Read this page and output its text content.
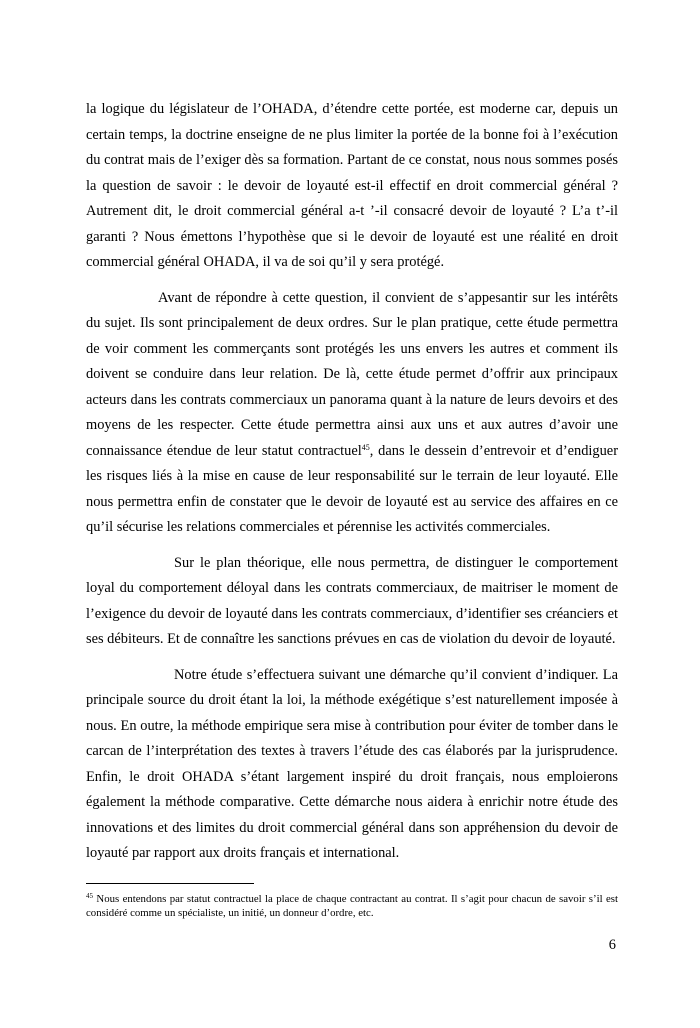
la logique du législateur de l’OHADA, d’étendre cette portée, est moderne car, depuis un certain temps, la doctrine enseigne de ne plus limiter la portée de la bonne foi à l’exécution du contrat mais de l’exiger dès sa formation. Partant de ce constat, nous nous sommes posés la question de savoir : le devoir de loyauté est-il effectif en droit commercial général ? Autrement dit, le droit commercial général a-t ’-il consacré devoir de loyauté ? L’a t’-il garanti ? Nous émettons l’hypothèse que si le devoir de loyauté est une réalité en droit commercial général OHADA, il va de soi qu’il y sera protégé.

Avant de répondre à cette question, il convient de s’appesantir sur les intérêts du sujet. Ils sont principalement de deux ordres. Sur le plan pratique, cette étude permettra de voir comment les commerçants sont protégés les uns envers les autres et comment ils doivent se conduire dans leur relation. De là, cette étude permet d’offrir aux principaux acteurs dans les contrats commerciaux un panorama quant à la nature de leurs devoirs et des moyens de les respecter. Cette étude permettra ainsi aux uns et aux autres d’avoir une connaissance étendue de leur statut contractuel$^{45}$, dans le dessein d’entrevoir et d’endiguer les risques liés à la mise en cause de leur responsabilité sur le terrain de leur loyauté. Elle nous permettra enfin de constater que le devoir de loyauté est au service des affaires en ce qu’il sécurise les relations commerciales et pérennise les activités commerciales.

Sur le plan théorique, elle nous permettra, de distinguer le comportement loyal du comportement déloyal dans les contrats commerciaux, de maitriser le moment de l’exigence du devoir de loyauté dans les contrats commerciaux, d’identifier ses créanciers et ses débiteurs. Et de connaître les sanctions prévues en cas de violation du devoir de loyauté.

Notre étude s’effectuera suivant une démarche qu’il convient d’indiquer. La principale source du droit étant la loi, la méthode exégétique s’est naturellement imposée à nous. En outre, la méthode empirique sera mise à contribution pour éviter de tomber dans le carcan de l’interprétation des textes à travers l’étude des cas élaborés par la jurisprudence. Enfin, le droit OHADA s’étant largement inspiré du droit français, nous emploierons également la méthode comparative. Cette démarche nous aidera à enrichir notre étude des innovations et des limites du droit commercial général dans son appréhension du devoir de loyauté par rapport aux droits français et international.

$^{45}$ Nous entendons par statut contractuel la place de chaque contractant au contrat. Il s’agit pour chacun de savoir s’il est considéré comme un spécialiste, un initié, un donneur d’ordre, etc.
6
